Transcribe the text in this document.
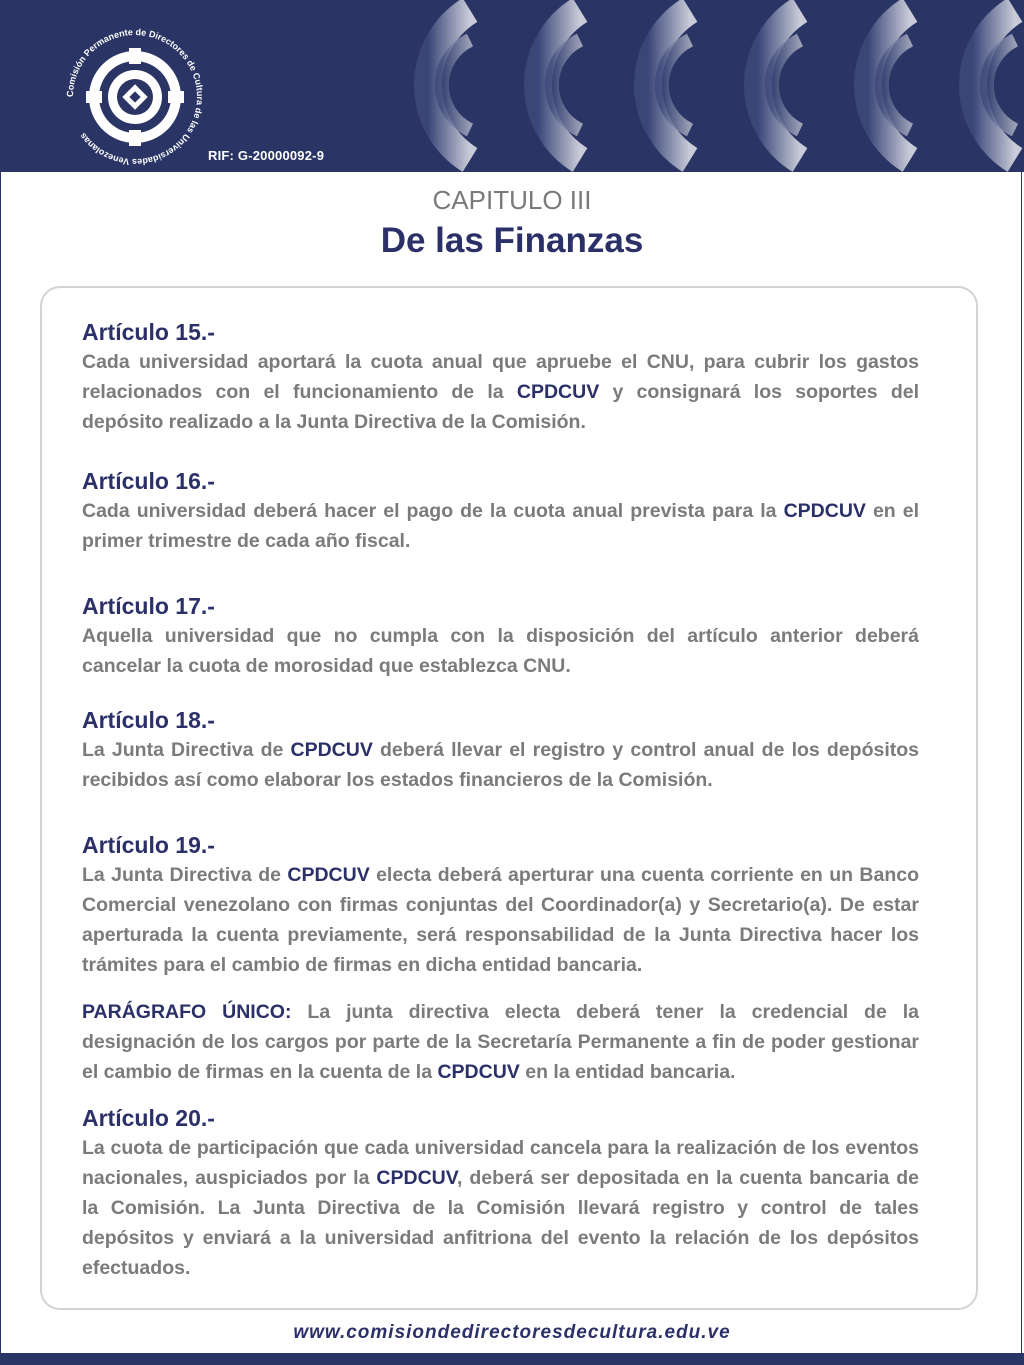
Comisión Permanente de Directores de Cultura de las Universidades Venezolanas
RIF: G-20000092-9
CAPITULO III
De las Finanzas
Artículo 15.-

Cada universidad aportará la cuota anual que apruebe el CNU, para cubrir los gastos relacionados con el funcionamiento de la CPDCUV y consignará los soportes del depósito realizado a la Junta Directiva de la Comisión.

Artículo 16.-

Cada universidad deberá hacer el pago de la cuota anual prevista para la CPDCUV en el primer trimestre de cada año fiscal.

Artículo 17.-

Aquella universidad que no cumpla con la disposición del artículo anterior deberá cancelar la cuota de morosidad que establezca CNU.

Artículo 18.-

La Junta Directiva de CPDCUV deberá llevar el registro y control anual de los depósitos recibidos así como elaborar los estados financieros de la Comisión.

Artículo 19.-

La Junta Directiva de CPDCUV electa deberá aperturar una cuenta corriente en un Banco Comercial venezolano con firmas conjuntas del Coordinador(a) y Secretario(a). De estar aperturada la cuenta previamente, será responsabilidad de la Junta Directiva hacer los trámites para el cambio de firmas en dicha entidad bancaria.

PARÁGRAFO ÚNICO: La junta directiva electa deberá tener la credencial de la designación de los cargos por parte de la Secretaría Permanente a fin de poder gestionar el cambio de firmas en la cuenta de la CPDCUV en la entidad bancaria.

Artículo 20.-

La cuota de participación que cada universidad cancela para la realización de los eventos nacionales, auspiciados por la CPDCUV, deberá ser depositada en la cuenta bancaria de la Comisión. La Junta Directiva de la Comisión llevará registro y control de tales depósitos y enviará a la universidad anfitriona del evento la relación de los depósitos efectuados.

www.comisiondedirectoresdecultura.edu.ve
